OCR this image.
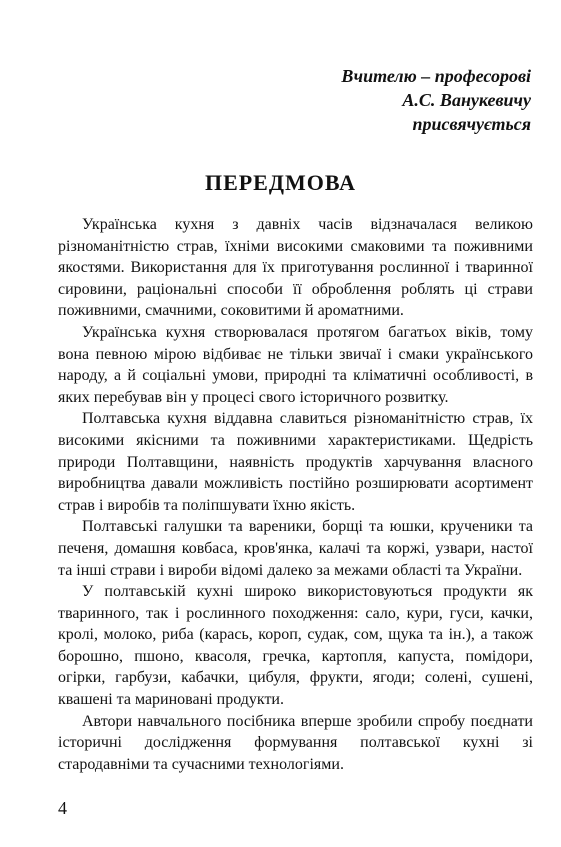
Вчителю – професорові
А.С. Ванукевичу
присвячується
ПЕРЕДМОВА

Українська кухня з давніх часів відзначалася великою різноманітністю страв, їхніми високими смаковими та поживними якостями. Використання для їх приготування рослинної і тваринної сировини, раціональні способи її оброблення роблять ці страви поживними, смачними, соковитими й ароматними.

Українська кухня створювалася протягом багатьох віків, тому вона певною мірою відбиває не тільки звичаї і смаки українського народу, а й соціальні умови, природні та кліматичні особливості, в яких перебував він у процесі свого історичного розвитку.

Полтавська кухня віддавна славиться різноманітністю страв, їх високими якісними та поживними характеристиками. Щедрість природи Полтавщини, наявність продуктів харчування власного виробництва давали можливість постійно розширювати асортимент страв і виробів та поліпшувати їхню якість.

Полтавські галушки та вареники, борщі та юшки, крученики та печеня, домашня ковбаса, кров'янка, калачі та коржі, узвари, настої та інші страви і вироби відомі далеко за межами області та України.

У полтавській кухні широко використовуються продукти як тваринного, так і рослинного походження: сало, кури, гуси, качки, кролі, молоко, риба (карась, короп, судак, сом, щука та ін.), а також борошно, пшоно, квасоля, гречка, картопля, капуста, помідори, огірки, гарбузи, кабачки, цибуля, фрукти, ягоди; солені, сушені, квашені та мариновані продукти.

Автори навчального посібника вперше зробили спробу поєднати історичні дослідження формування полтавської кухні зі стародавніми та сучасними технологіями.

4
